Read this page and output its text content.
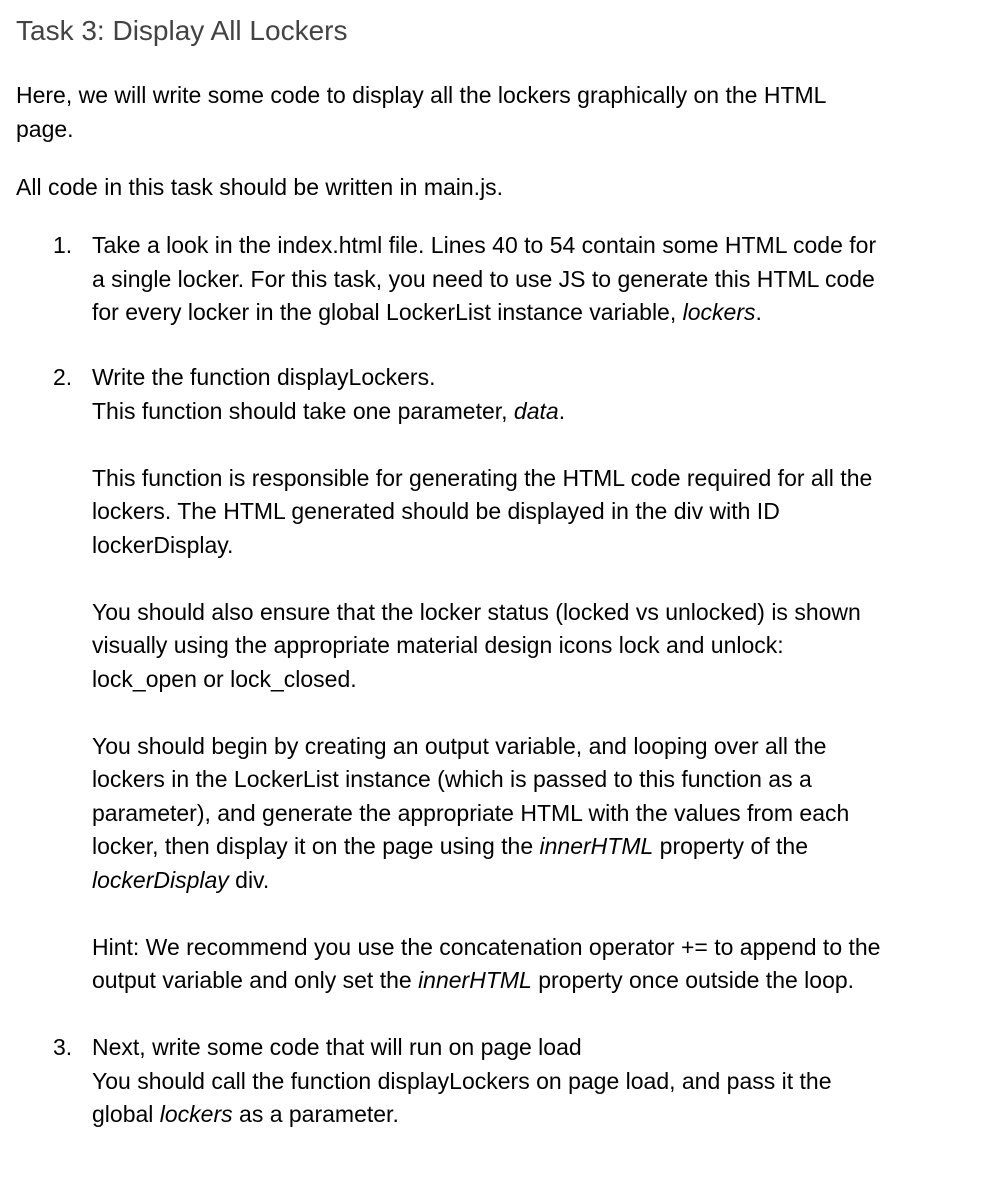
Task 3: Display All Lockers

Here, we will write some code to display all the lockers graphically on the HTML
page.

All code in this task should be written in main.js.

1. Take a look in the index.html file. Lines 40 to 54 contain some HTML code for
a single locker. For this task, you need to use JS to generate this HTML code
for every locker in the global LockerList instance variable, lockers.
2. Write the function displayLockers.
This function should take one parameter, data.
This function is responsible for generating the HTML code required for all the
lockers. The HTML generated should be displayed in the div with ID
lockerDisplay.
You should also ensure that the locker status (locked vs unlocked) is shown
visually using the appropriate material design icons lock and unlock:
lock_open or lock_closed.
You should begin by creating an output variable, and looping over all the
lockers in the LockerList instance (which is passed to this function as a
parameter), and generate the appropriate HTML with the values from each
locker, then display it on the page using the innerHTML property of the
lockerDisplay div.
Hint: We recommend you use the concatenation operator += to append to the
output variable and only set the innerHTML property once outside the loop.
3. Next, write some code that will run on page load
You should call the function displayLockers on page load, and pass it the
global lockers as a parameter.
